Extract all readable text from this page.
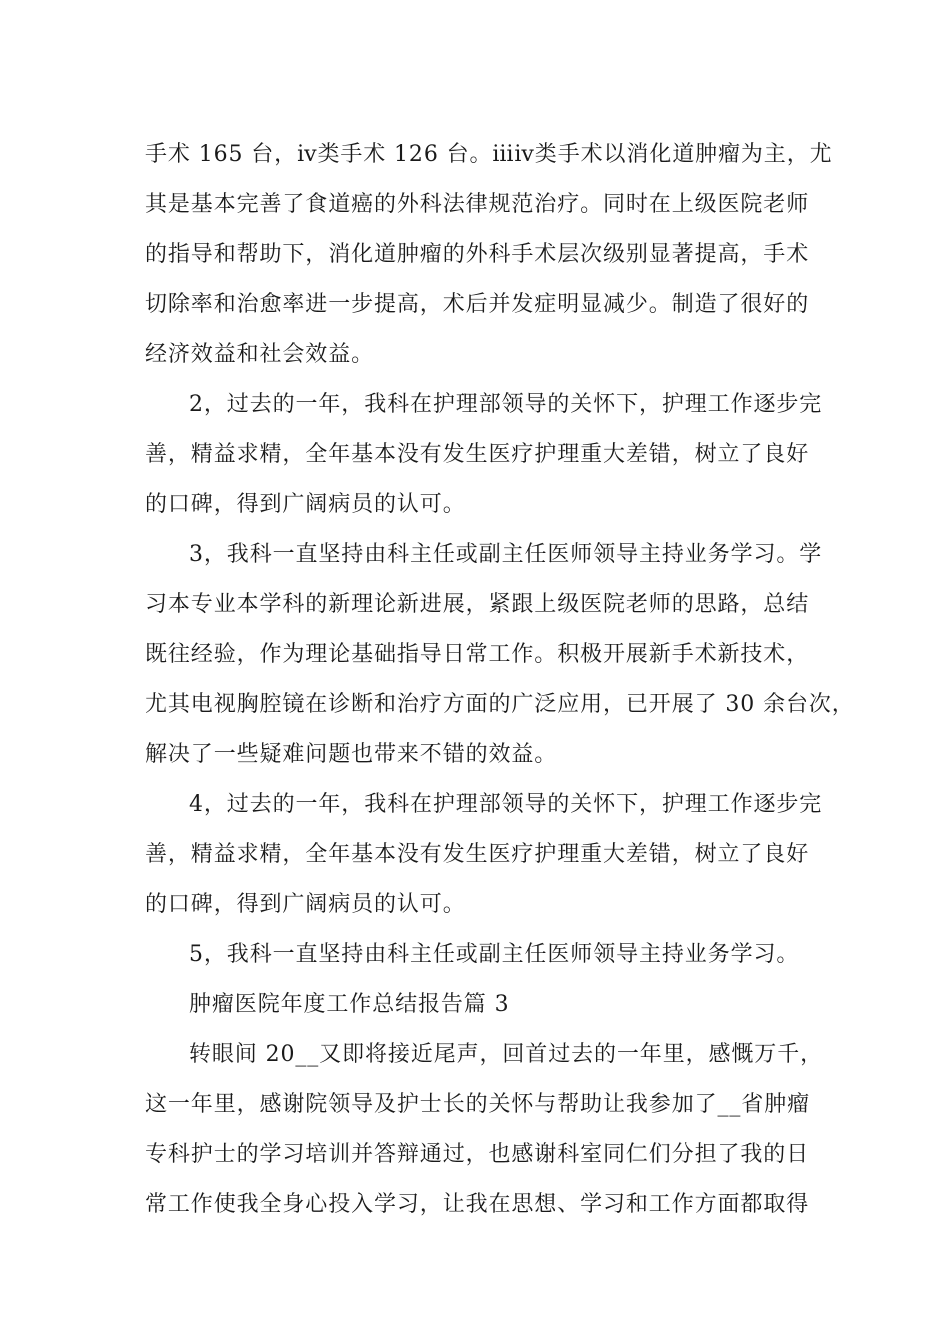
手术 165 台，ⅳ类手术 126 台。ⅲⅳ类手术以消化道肿瘤为主，尤
其是基本完善了食道癌的外科法律规范治疗。同时在上级医院老师
的指导和帮助下，消化道肿瘤的外科手术层次级别显著提高，手术
切除率和治愈率进一步提高，术后并发症明显减少。制造了很好的
经济效益和社会效益。
2，过去的一年，我科在护理部领导的关怀下，护理工作逐步完
善，精益求精，全年基本没有发生医疗护理重大差错，树立了良好
的口碑，得到广阔病员的认可。
3，我科一直坚持由科主任或副主任医师领导主持业务学习。学
习本专业本学科的新理论新进展，紧跟上级医院老师的思路，总结
既往经验，作为理论基础指导日常工作。积极开展新手术新技术，
尤其电视胸腔镜在诊断和治疗方面的广泛应用，已开展了 30 余台次，
解决了一些疑难问题也带来不错的效益。
4，过去的一年，我科在护理部领导的关怀下，护理工作逐步完
善，精益求精，全年基本没有发生医疗护理重大差错，树立了良好
的口碑，得到广阔病员的认可。
5，我科一直坚持由科主任或副主任医师领导主持业务学习。
肿瘤医院年度工作总结报告篇 3
转眼间 20__又即将接近尾声，回首过去的一年里，感慨万千，
这一年里，感谢院领导及护士长的关怀与帮助让我参加了__省肿瘤
专科护士的学习培训并答辩通过，也感谢科室同仁们分担了我的日
常工作使我全身心投入学习，让我在思想、学习和工作方面都取得
